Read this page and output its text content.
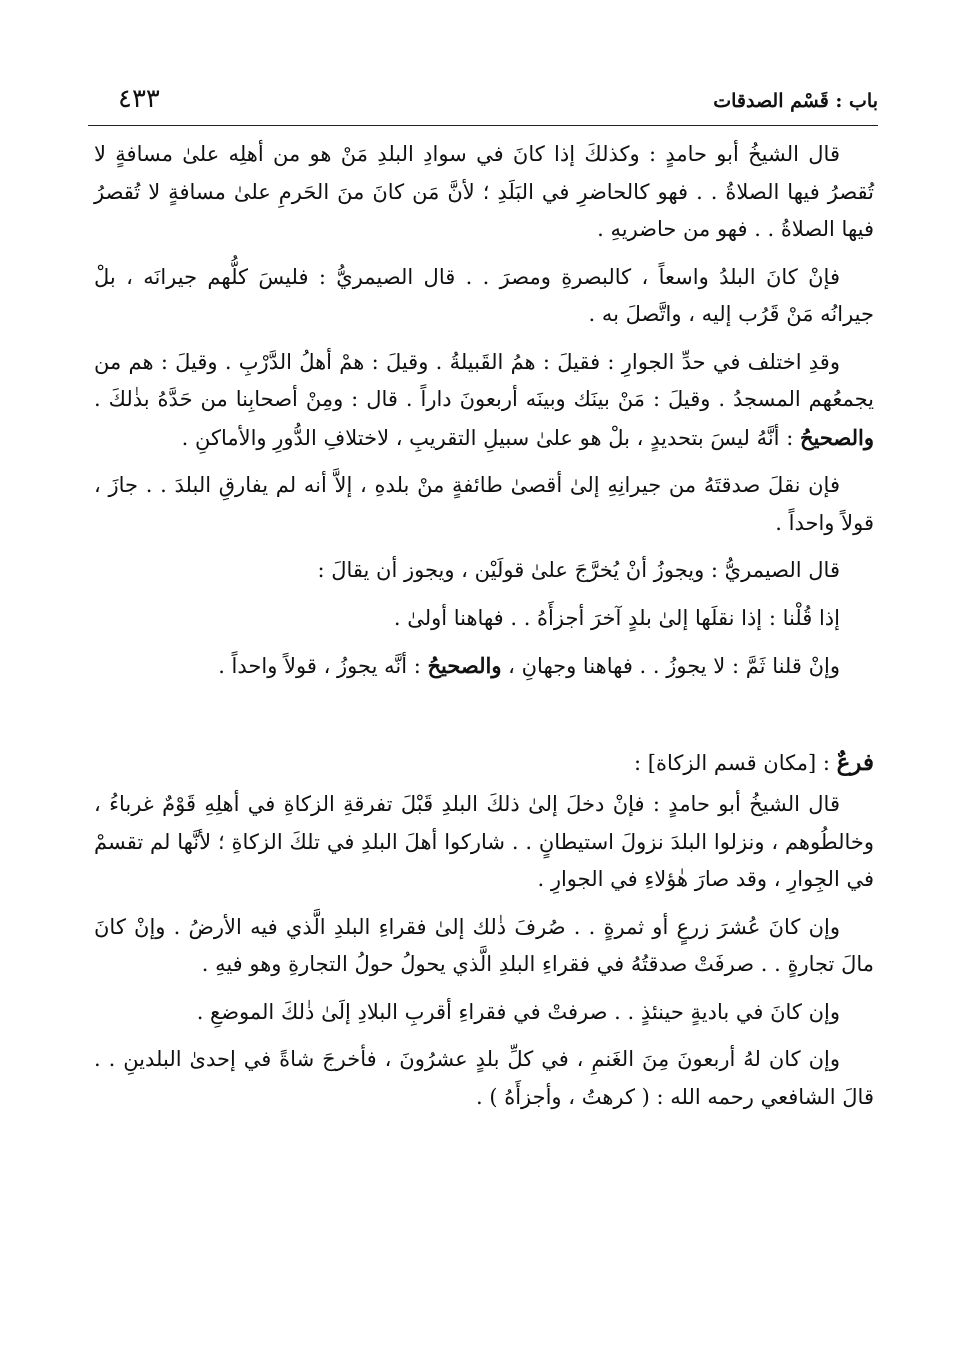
باب : قَسْم الصدقات
٤٣٣

قال الشيخُ أبو حامدٍ : وكذلكَ إذا كانَ في سوادِ البلدِ مَنْ هو من أهلِه علىٰ مسافةٍ لا تُقصرُ فيها الصلاةُ . . فهو كالحاضرِ في البَلَدِ ؛ لأنَّ مَن كانَ منَ الحَرمِ علىٰ مسافةٍ لا تُقصرُ فيها الصلاةُ . . فهو من حاضريهِ .

فإنْ كانَ البلدُ واسعاً ، كالبصرةِ ومصرَ . . قال الصيمريُّ : فليسَ كلُّهم جيرانَه ، بلْ جيرانُه مَنْ قَرُب إليه ، واتَّصلَ به .

وقدِ اختلف في حدِّ الجوارِ : فقيلَ : همُ القَبيلةُ . وقيلَ : همْ أهلُ الدَّرْبِ . وقيلَ : هم من يجمعُهم المسجدُ . وقيلَ : مَنْ بينَك وبينَه أربعونَ داراً . قال : ومِنْ أصحابِنا من حَدَّهُ بذٰلكَ . والصحيحُ : أنَّهُ ليسَ بتحديدٍ ، بلْ هو علىٰ سبيلِ التقريبِ ، لاختلافِ الدُّورِ والأماكنِ .

فإن نقلَ صدقتَهُ من جيرانِهِ إلىٰ أقصىٰ طائفةٍ منْ بلدهِ ، إلاَّ أنه لم يفارقِ البلدَ . . جازَ ، قولاً واحداً .

قال الصيمريُّ : ويجوزُ أنْ يُخرَّجَ علىٰ قولَيْن ، ويجوز أن يقالَ :

إذا قُلْنا : إذا نقلَها إلىٰ بلدٍ آخرَ أجزأَهُ . . فهاهنا أولىٰ .

وإنْ قلنا ثَمَّ : لا يجوزُ . . فهاهنا وجهانِ ، والصحيحُ : أنَّه يجوزُ ، قولاً واحداً .

فرعٌ : [مكان قسم الزكاة] :

قال الشيخُ أبو حامدٍ : فإنْ دخلَ إلىٰ ذلكَ البلدِ قَبْلَ تفرقةِ الزكاةِ في أهلِهِ قَوْمٌ غرباءُ ، وخالطُوهم ، ونزلوا البلدَ نزولَ استيطانٍ . . شاركوا أهلَ البلدِ في تلكَ الزكاةِ ؛ لأنَّها لم تقسمْ في الجِوارِ ، وقد صارَ هٰؤلاءِ في الجوارِ .

وإن كانَ عُشرَ زرعٍ أو ثمرةٍ . . صُرفَ ذٰلك إلىٰ فقراءِ البلدِ الَّذي فيه الأرضُ . وإنْ كانَ مالَ تجارةٍ . . صرفَتْ صدقتُهُ في فقراءِ البلدِ الَّذي يحولُ حولُ التجارةِ وهو فيهِ .

وإن كانَ في باديةٍ حينئذٍ . . صرفتْ في فقراءِ أقربِ البلادِ إلَىٰ ذٰلكَ الموضعِ .

وإن كان لهُ أربعونَ مِنَ الغَنمِ ، في كلِّ بلدٍ عشرُونَ ، فأخرجَ شاةً في إحدىٰ البلدينِ . . قالَ الشافعي رحمه الله : ( كرهتُ ، وأجزأَهُ ) .
